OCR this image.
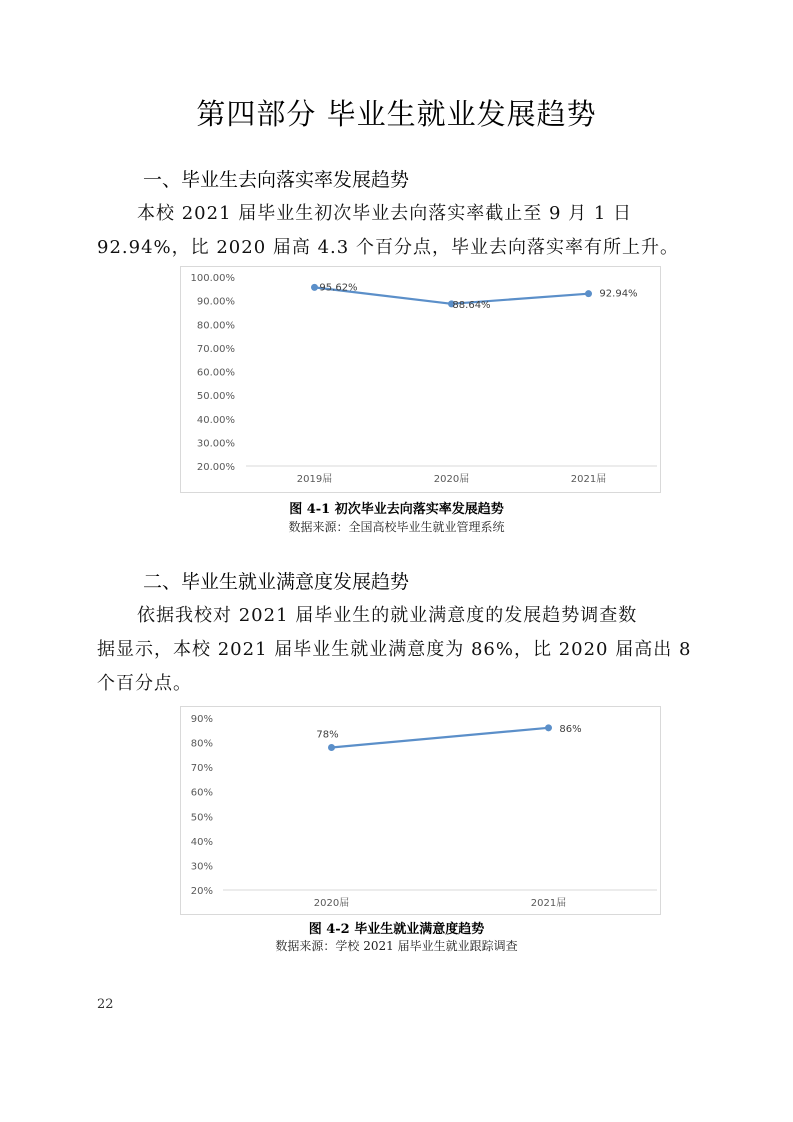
第四部分 毕业生就业发展趋势
一、毕业生去向落实率发展趋势
本校 2021 届毕业生初次毕业去向落实率截止至 9 月 1 日
92.94%，比 2020 届高 4.3 个百分点，毕业去向落实率有所上升。
100.00%
90.00%
80.00%
70.00%
60.00%
50.00%
40.00%
30.00%
20.00%
2019届	2020届	2021届
95.62%
88.64%
92.94%
图 4-1 初次毕业去向落实率发展趋势
数据来源：全国高校毕业生就业管理系统
二、毕业生就业满意度发展趋势
依据我校对 2021 届毕业生的就业满意度的发展趋势调查数
据显示，本校 2021 届毕业生就业满意度为 86%，比 2020 届高出 8
个百分点。
90%
80%
70%
60%
50%
40%
30%
20%
2020届	2021届
78%
86%
图 4-2 毕业生就业满意度趋势
数据来源：学校 2021 届毕业生就业跟踪调查
22
